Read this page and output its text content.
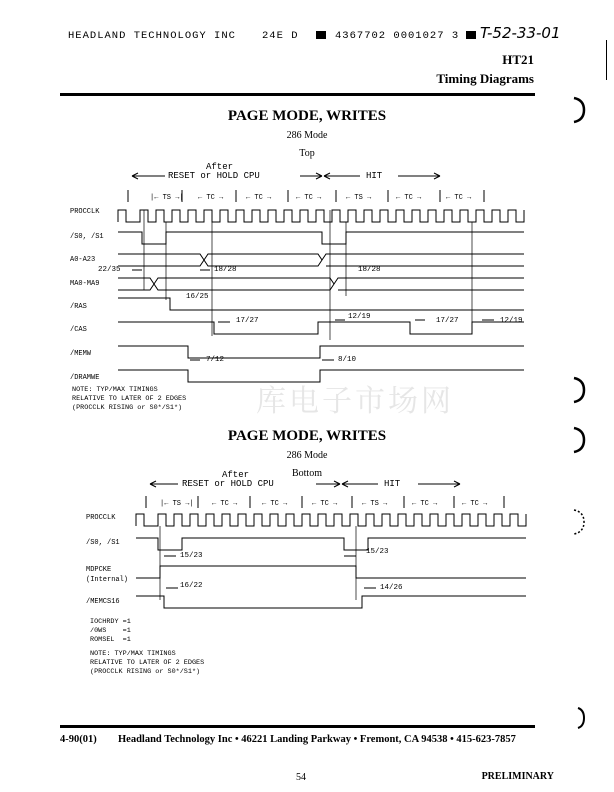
HEADLAND TECHNOLOGY INC 24E D	4367702 0001027 3 T-52-33-01
HT21
Timing Diagrams
PAGE MODE, WRITES
286 Mode
Top
After
RESET or HOLD CPU	HIT
|← TS →| ← TC →	← TC →	← TC →	← TS →	← TC →	← TC →
PROCCLK
/S0, /S1
A0-A23
MA0-MA9
/RAS
/CAS
/MEMW
/DRAMWE
22/35	18/28	18/28
16/25
17/27	12/19	17/27	12/19
7/12	8/10
NOTE: TYP/MAX TIMINGS
RELATIVE TO LATER OF 2 EDGES
(PROCCLK RISING or S0*/S1*) 库电子市场网
PAGE MODE, WRITES
286 Mode
Bottom
After
RESET or HOLD CPU	HIT
|← TS →|	← TC →	← TC →	← TC →	← TS →	← TC →	← TC →
PROCCLK
/S0, /S1
MDPCKE
(Internal)
/MEMCS16
15/23	15/23
16/22	14/26
IOCHRDY =1
/0WS    =1
ROMSEL  =1
NOTE: TYP/MAX TIMINGS
RELATIVE TO LATER OF 2 EDGES
(PROCCLK RISING or S0*/S1*)
4-90(01) Headland Technology Inc • 46221 Landing Parkway • Fremont, CA 94538 • 415-623-7857
54	PRELIMINARY
